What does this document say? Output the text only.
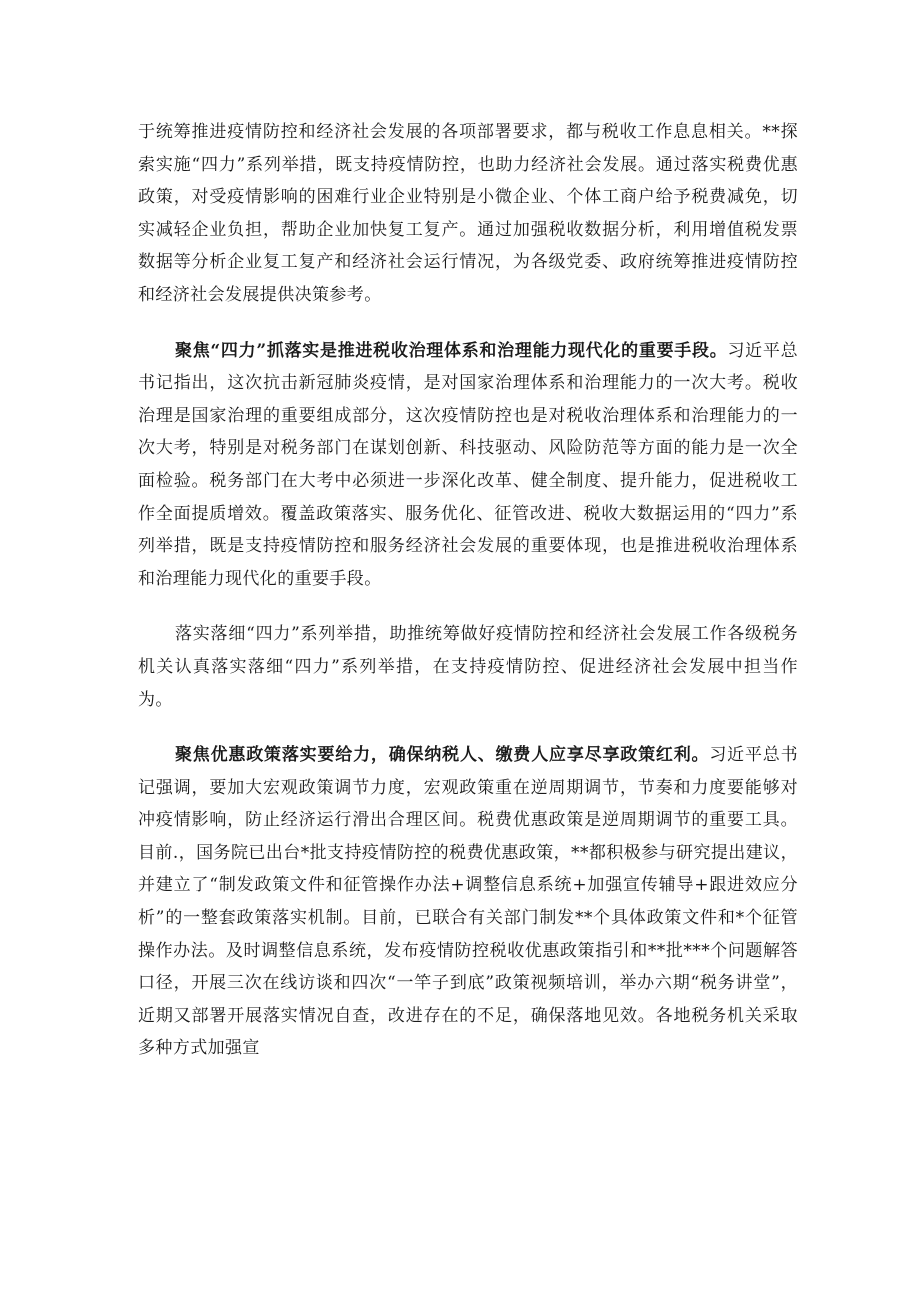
于统筹推进疫情防控和经济社会发展的各项部署要求，都与税收工作息息相关。**探索实施“四力”系列举措，既支持疫情防控，也助力经济社会发展。通过落实税费优惠政策，对受疫情影响的困难行业企业特别是小微企业、个体工商户给予税费减免，切实减轻企业负担，帮助企业加快复工复产。通过加强税收数据分析，利用增值税发票数据等分析企业复工复产和经济社会运行情况，为各级党委、政府统筹推进疫情防控和经济社会发展提供决策参考。

聚焦“四力”抓落实是推进税收治理体系和治理能力现代化的重要手段。习近平总书记指出，这次抗击新冠肺炎疫情，是对国家治理体系和治理能力的一次大考。税收治理是国家治理的重要组成部分，这次疫情防控也是对税收治理体系和治理能力的一次大考，特别是对税务部门在谋划创新、科技驱动、风险防范等方面的能力是一次全面检验。税务部门在大考中必须进一步深化改革、健全制度、提升能力，促进税收工作全面提质增效。覆盖政策落实、服务优化、征管改进、税收大数据运用的“四力”系列举措，既是支持疫情防控和服务经济社会发展的重要体现，也是推进税收治理体系和治理能力现代化的重要手段。

落实落细“四力”系列举措，助推统筹做好疫情防控和经济社会发展工作各级税务机关认真落实落细“四力”系列举措，在支持疫情防控、促进经济社会发展中担当作为。

聚焦优惠政策落实要给力，确保纳税人、缴费人应享尽享政策红利。习近平总书记强调，要加大宏观政策调节力度，宏观政策重在逆周期调节，节奏和力度要能够对冲疫情影响，防止经济运行滑出合理区间。税费优惠政策是逆周期调节的重要工具。目前.，国务院已出台*批支持疫情防控的税费优惠政策，**都积极参与研究提出建议，并建立了“制发政策文件和征管操作办法+调整信息系统+加强宣传辅导+跟进效应分析”的一整套政策落实机制。目前，已联合有关部门制发**个具体政策文件和*个征管操作办法。及时调整信息系统，发布疫情防控税收优惠政策指引和**批***个问题解答口径，开展三次在线访谈和四次“一竿子到底”政策视频培训，举办六期“税务讲堂”，近期又部署开展落实情况自查，改进存在的不足，确保落地见效。各地税务机关采取多种方式加强宣
